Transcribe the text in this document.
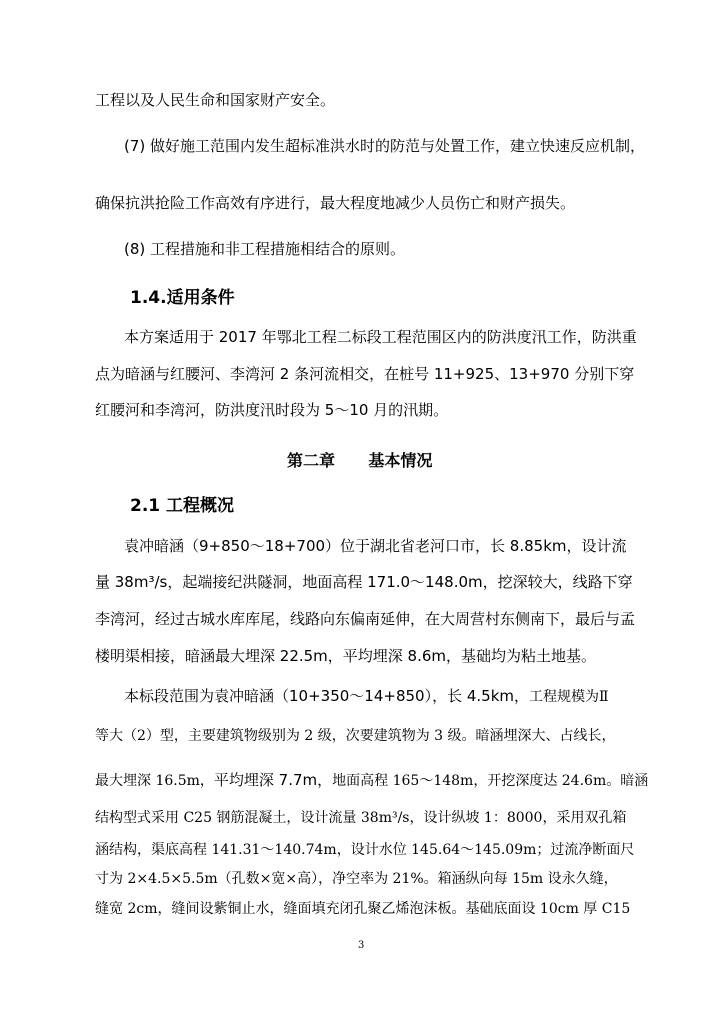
工程以及人民生命和国家财产安全。
(7) 做好施工范围内发生超标准洪水时的防范与处置工作，建立快速反应机制，
确保抗洪抢险工作高效有序进行，最大程度地减少人员伤亡和财产损失。
(8) 工程措施和非工程措施相结合的原则。
1.4.适用条件
本方案适用于 2017 年鄂北工程二标段工程范围区内的防洪度汛工作，防洪重
点为暗涵与红腰河、李湾河 2 条河流相交，在桩号 11+925、13+970 分别下穿
红腰河和李湾河，防洪度汛时段为 5～10 月的汛期。
第二章      基本情况
2.1 工程概况
袁冲暗涵（9+850～18+700）位于湖北省老河口市，长 8.85km，设计流
量 38m³/s，起端接纪洪隧洞，地面高程 171.0～148.0m，挖深较大，线路下穿
李湾河，经过古城水库库尾，线路向东偏南延伸，在大周营村东侧南下，最后与孟
楼明渠相接，暗涵最大埋深 22.5m，平均埋深 8.6m，基础均为粘土地基。
本标段范围为袁冲暗涵（10+350～14+850），长 4.5km，工程规模为Ⅱ
等大（2）型，主要建筑物级别为 2 级，次要建筑物为 3 级。暗涵埋深大、占线长，
最大埋深 16.5m，平均埋深 7.7m，地面高程 165～148m，开挖深度达 24.6m。暗涵
结构型式采用 C25 钢筋混凝土，设计流量 38m³/s，设计纵坡 1：8000，采用双孔箱
涵结构，渠底高程 141.31～140.74m，设计水位 145.64～145.09m；过流净断面尺
寸为 2×4.5×5.5m（孔数×宽×高），净空率为 21%。箱涵纵向每 15m 设永久缝，
缝宽 2cm，缝间设紫铜止水，缝面填充闭孔聚乙烯泡沫板。基础底面设 10cm 厚 C15
3
